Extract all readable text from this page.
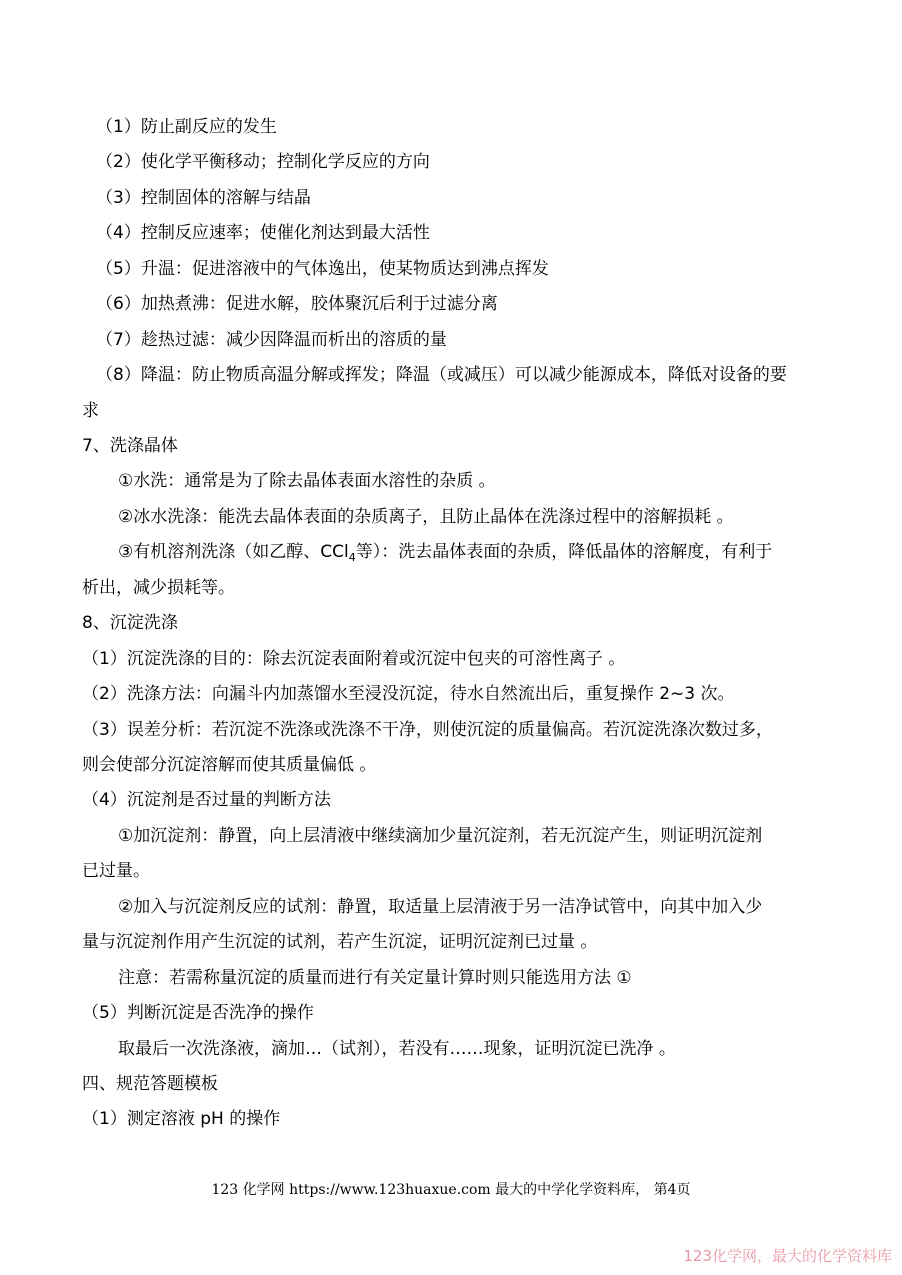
（1）防止副反应的发生
（2）使化学平衡移动；控制化学反应的方向
（3）控制固体的溶解与结晶
（4）控制反应速率；使催化剂达到最大活性
（5）升温：促进溶液中的气体逸出，使某物质达到沸点挥发
（6）加热煮沸：促进水解，胶体聚沉后利于过滤分离
（7）趁热过滤：减少因降温而析出的溶质的量
（8）降温：防止物质高温分解或挥发；降温（或减压）可以减少能源成本，降低对设备的要
求
7、洗涤晶体
①水洗：通常是为了除去晶体表面水溶性的杂质 。
②冰水洗涤：能洗去晶体表面的杂质离子，且防止晶体在洗涤过程中的溶解损耗 。
③有机溶剂洗涤（如乙醇、CCl$_4$等）：洗去晶体表面的杂质，降低晶体的溶解度，有利于
析出，减少损耗等。
8、沉淀洗涤
（1）沉淀洗涤的目的：除去沉淀表面附着或沉淀中包夹的可溶性离子 。
（2）洗涤方法：向漏斗内加蒸馏水至浸没沉淀，待水自然流出后，重复操作 2~3 次。
（3）误差分析：若沉淀不洗涤或洗涤不干净，则使沉淀的质量偏高。若沉淀洗涤次数过多，
则会使部分沉淀溶解而使其质量偏低 。
（4）沉淀剂是否过量的判断方法
①加沉淀剂：静置，向上层清液中继续滴加少量沉淀剂，若无沉淀产生，则证明沉淀剂
已过量。
②加入与沉淀剂反应的试剂：静置，取适量上层清液于另一洁净试管中，向其中加入少
量与沉淀剂作用产生沉淀的试剂，若产生沉淀，证明沉淀剂已过量 。
注意：若需称量沉淀的质量而进行有关定量计算时则只能选用方法 ①
（5）判断沉淀是否洗净的操作
取最后一次洗涤液，滴加…（试剂），若没有……现象，证明沉淀已洗净 。
四、规范答题模板
（1）测定溶液 pH 的操作
123 化学网 https://www.123huaxue.com 最大的中学化学资料库， 第4页
123化学网，最大的化学资料库
